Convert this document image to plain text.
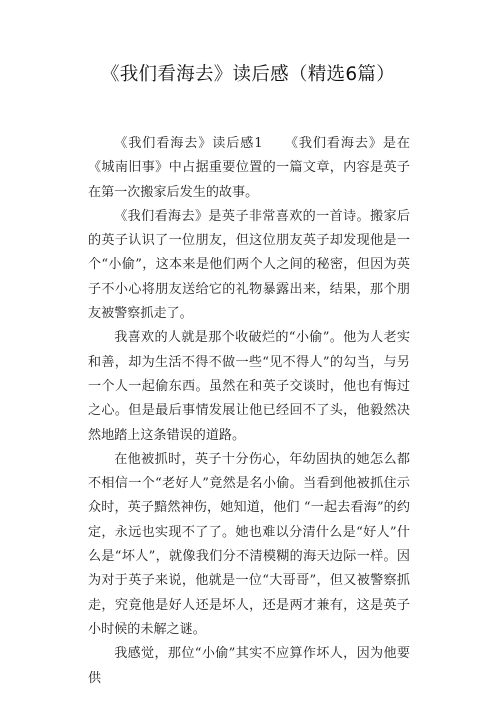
《我们看海去》读后感（精选6篇）

《我们看海去》读后感1　　《我们看海去》是在《城南旧事》中占据重要位置的一篇文章，内容是英子在第一次搬家后发生的故事。

《我们看海去》是英子非常喜欢的一首诗。搬家后的英子认识了一位朋友，但这位朋友英子却发现他是一个“小偷”，这本来是他们两个人之间的秘密，但因为英子不小心将朋友送给它的礼物暴露出来，结果，那个朋友被警察抓走了。

我喜欢的人就是那个收破烂的“小偷”。他为人老实和善，却为生活不得不做一些“见不得人”的勾当，与另一个人一起偷东西。虽然在和英子交谈时，他也有悔过之心。但是最后事情发展让他已经回不了头，他毅然决然地踏上这条错误的道路。

在他被抓时，英子十分伤心，年幼固执的她怎么都不相信一个“老好人”竟然是名小偷。当看到他被抓住示众时，英子黯然神伤，她知道，他们 “一起去看海”的约定，永远也实现不了了。她也难以分清什么是“好人”什么是“坏人”，就像我们分不清模糊的海天边际一样。因为对于英子来说，他就是一位“大哥哥”，但又被警察抓走，究竟他是好人还是坏人，还是两才兼有，这是英子小时候的未解之谜。

我感觉，那位“小偷”其实不应算作坏人，因为他要供
